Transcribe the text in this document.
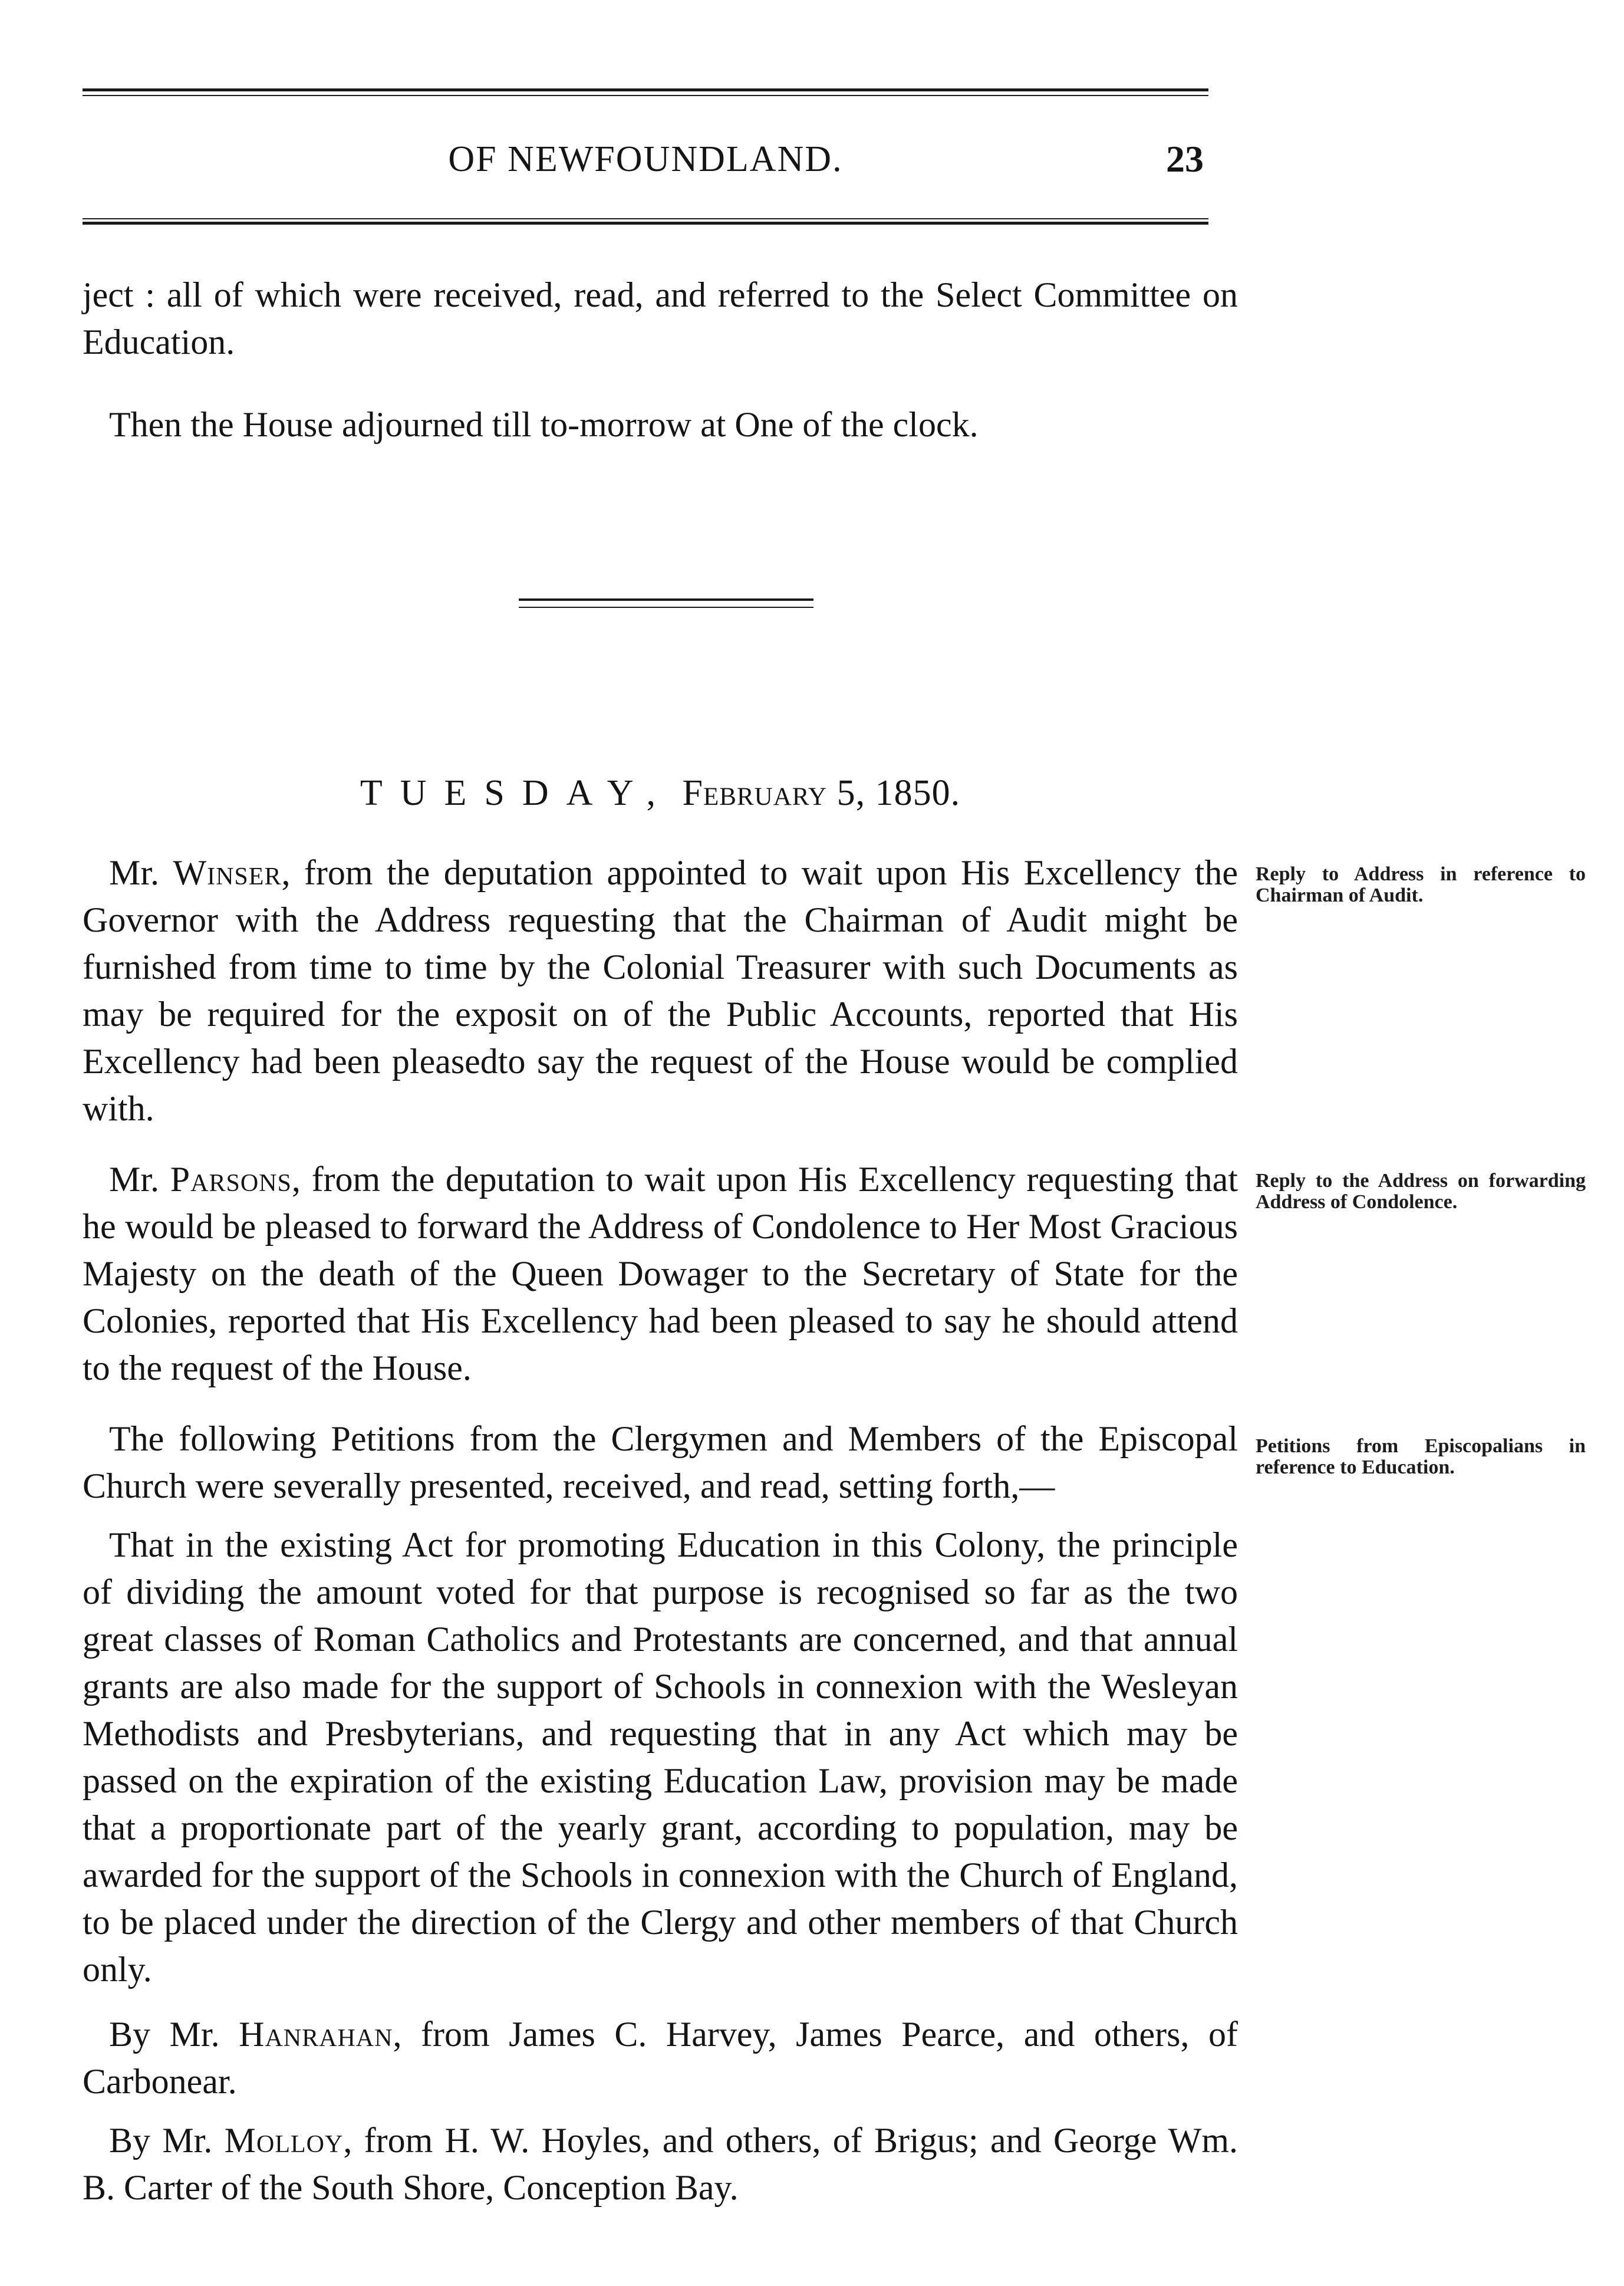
OF NEWFOUNDLAND.	23

ject : all of which were received, read, and referred to the Select Committee on Education.

Then the House adjourned till to-morrow at One of the clock.

TUESDAY, February 5, 1850.

Mr. Winser, from the deputation appointed to wait upon His Excellency the Governor with the Address requesting that the Chairman of Audit might be furnished from time to time by the Colonial Treasurer with such Documents as may be required for the exposit on of the Public Accounts, reported that His Excellency had been pleasedto say the request of the House would be complied with.

Mr. Parsons, from the deputation to wait upon His Excellency requesting that he would be pleased to forward the Address of Condolence to Her Most Gracious Majesty on the death of the Queen Dowager to the Secretary of State for the Colonies, reported that His Excellency had been pleased to say he should attend to the request of the House.

The following Petitions from the Clergymen and Members of the Episcopal Church were severally presented, received, and read, setting forth,—

That in the existing Act for promoting Education in this Colony, the principle of dividing the amount voted for that purpose is recognised so far as the two great classes of Roman Catholics and Protestants are concerned, and that annual grants are also made for the support of Schools in connexion with the Wesleyan Methodists and Presbyterians, and requesting that in any Act which may be passed on the expiration of the existing Education Law, provision may be made that a proportionate part of the yearly grant, according to population, may be awarded for the support of the Schools in connexion with the Church of England, to be placed under the direction of the Clergy and other members of that Church only.

By Mr. Hanrahan, from James C. Harvey, James Pearce, and others, of Carbonear.

By Mr. Molloy, from H. W. Hoyles, and others, of Brigus; and George Wm. B. Carter of the South Shore, Conception Bay.

Reply to Address in reference to Chairman of Audit.
Reply to the Address on forwarding Address of Condolence.
Petitions from Episcopalians in reference to Education.
